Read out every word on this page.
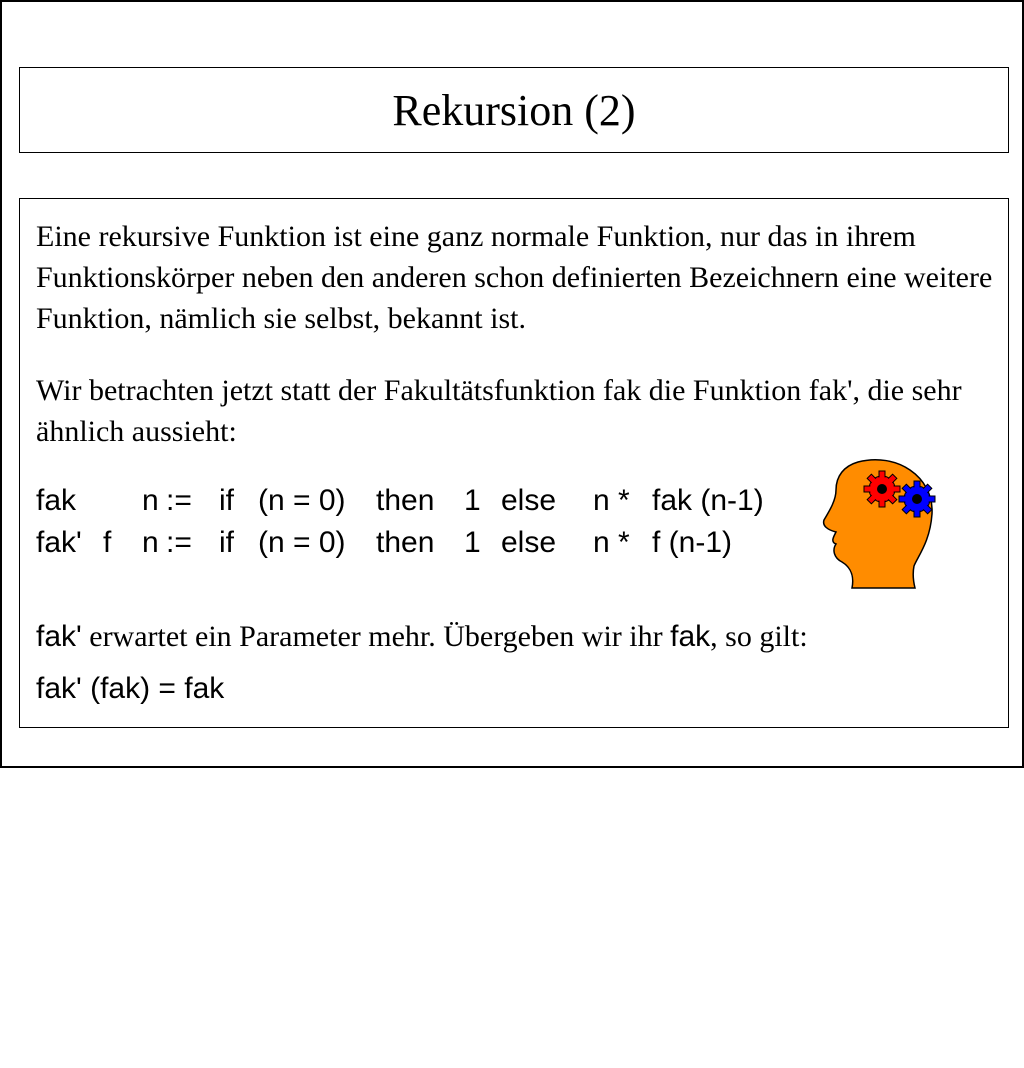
Rekursion (2)
Eine rekursive Funktion ist eine ganz normale Funktion, nur das in ihrem Funktionskörper neben den anderen schon definierten Bezeichnern eine weitere Funktion, nämlich sie selbst, bekannt ist.
Wir betrachten jetzt statt der Fakultätsfunktion fak die Funktion fak', die sehr ähnlich aussieht:

fak

n

:=

if

(n = 0)

then

1

else

n *

fak (n-1)

fak'

f

n

:=

if

(n = 0)

then

1

else

n *

f (n-1)

fak' erwartet ein Parameter mehr. Übergeben wir ihr fak, so gilt:
fak' (fak) = fak
